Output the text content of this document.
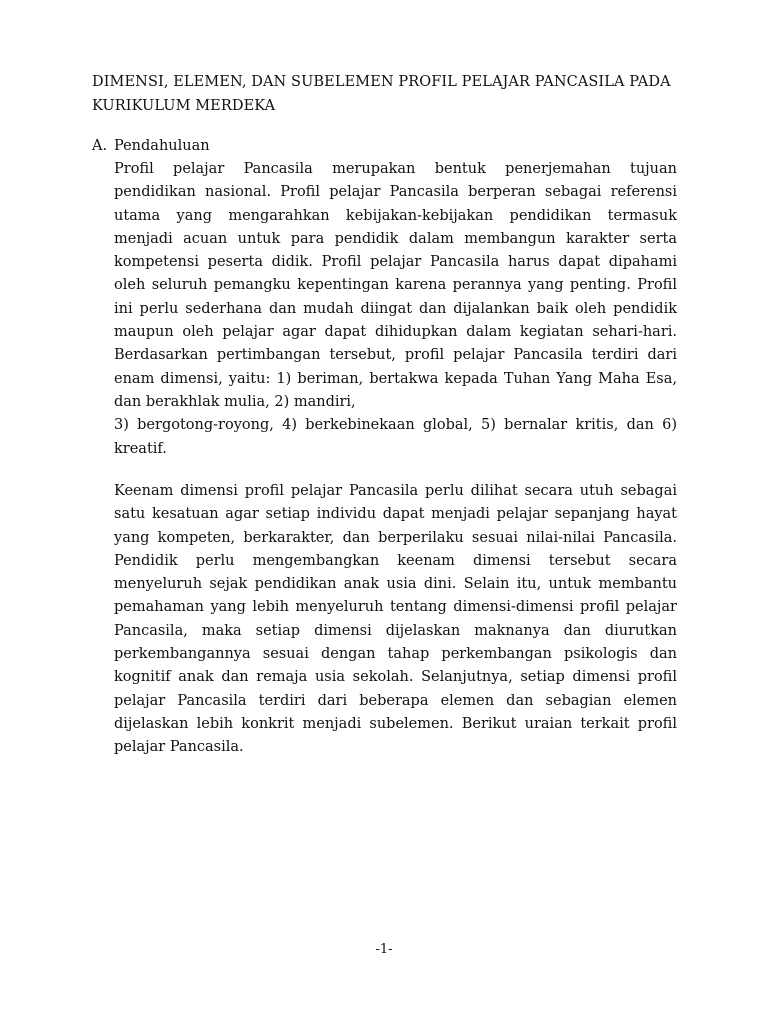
DIMENSI, ELEMEN, DAN SUBELEMEN PROFIL PELAJAR PANCASILA PADA
KURIKULUM MERDEKA
A. Pendahuluan
Profil pelajar Pancasila merupakan bentuk penerjemahan tujuan
pendidikan nasional. Profil pelajar Pancasila berperan sebagai referensi
utama yang mengarahkan kebijakan-kebijakan pendidikan termasuk
menjadi acuan untuk para pendidik dalam membangun karakter serta
kompetensi peserta didik. Profil pelajar Pancasila harus dapat dipahami
oleh seluruh pemangku kepentingan karena perannya yang penting. Profil
ini perlu sederhana dan mudah diingat dan dijalankan baik oleh pendidik
maupun oleh pelajar agar dapat dihidupkan dalam kegiatan sehari-hari.
Berdasarkan pertimbangan tersebut, profil pelajar Pancasila terdiri dari
enam dimensi, yaitu: 1) beriman, bertakwa kepada Tuhan Yang Maha Esa,
dan berakhlak mulia, 2) mandiri,
3) bergotong-royong, 4) berkebinekaan global, 5) bernalar kritis, dan 6)
kreatif.
Keenam dimensi profil pelajar Pancasila perlu dilihat secara utuh sebagai
satu kesatuan agar setiap individu dapat menjadi pelajar sepanjang hayat
yang kompeten, berkarakter, dan berperilaku sesuai nilai-nilai Pancasila.
Pendidik perlu mengembangkan keenam dimensi tersebut secara
menyeluruh sejak pendidikan anak usia dini. Selain itu, untuk membantu
pemahaman yang lebih menyeluruh tentang dimensi-dimensi profil pelajar
Pancasila, maka setiap dimensi dijelaskan maknanya dan diurutkan
perkembangannya sesuai dengan tahap perkembangan psikologis dan
kognitif anak dan remaja usia sekolah. Selanjutnya, setiap dimensi profil
pelajar Pancasila terdiri dari beberapa elemen dan sebagian elemen
dijelaskan lebih konkrit menjadi subelemen. Berikut uraian terkait profil
pelajar Pancasila.
-1-
